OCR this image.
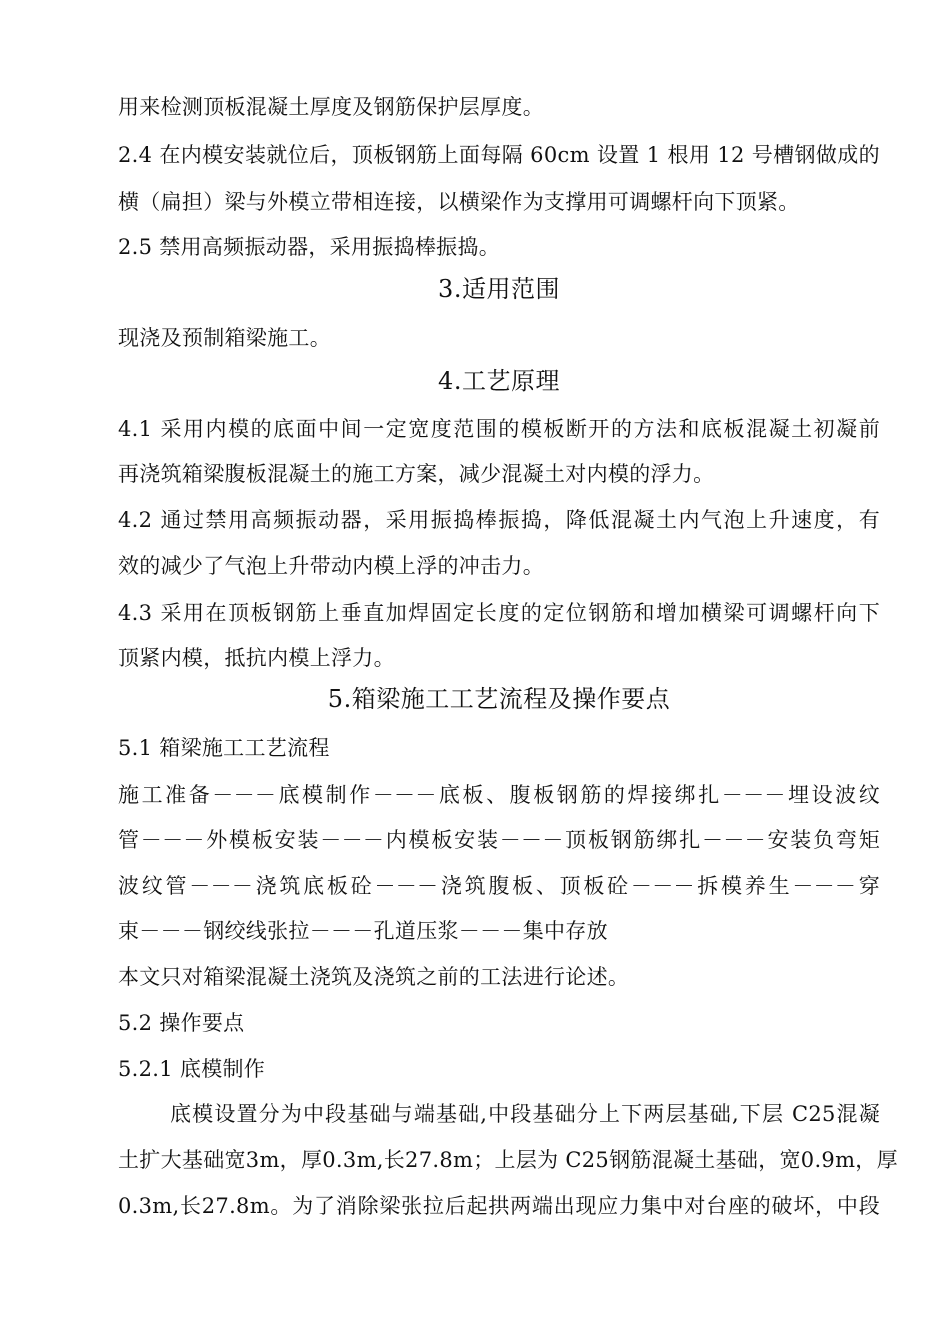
用来检测顶板混凝土厚度及钢筋保护层厚度。
2.4 在内模安装就位后，顶板钢筋上面每隔 60cm 设置 1 根用 12 号槽钢做成的
横（扁担）梁与外模立带相连接，以横梁作为支撑用可调螺杆向下顶紧。
2.5 禁用高频振动器，采用振捣棒振捣。
3.适用范围
现浇及预制箱梁施工。
4.工艺原理
4.1 采用内模的底面中间一定宽度范围的模板断开的方法和底板混凝土初凝前
再浇筑箱梁腹板混凝土的施工方案，减少混凝土对内模的浮力。
4.2 通过禁用高频振动器，采用振捣棒振捣，降低混凝土内气泡上升速度，有
效的减少了气泡上升带动内模上浮的冲击力。
4.3 采用在顶板钢筋上垂直加焊固定长度的定位钢筋和增加横梁可调螺杆向下
顶紧内模，抵抗内模上浮力。
5.箱梁施工工艺流程及操作要点
5.1 箱梁施工工艺流程
施工准备－－－底模制作－－－底板、腹板钢筋的焊接绑扎－－－埋设波纹
管－－－外模板安装－－－内模板安装－－－顶板钢筋绑扎－－－安装负弯矩
波纹管－－－浇筑底板砼－－－浇筑腹板、顶板砼－－－拆模养生－－－穿
束－－－钢绞线张拉－－－孔道压浆－－－集中存放
本文只对箱梁混凝土浇筑及浇筑之前的工法进行论述。
5.2 操作要点
5.2.1 底模制作
底模设置分为中段基础与端基础,中段基础分上下两层基础,下层 C25混凝
土扩大基础宽3m，厚0.3m,长27.8m；上层为 C25钢筋混凝土基础，宽0.9m，厚
0.3m,长27.8m。为了消除梁张拉后起拱两端出现应力集中对台座的破坏，中段
